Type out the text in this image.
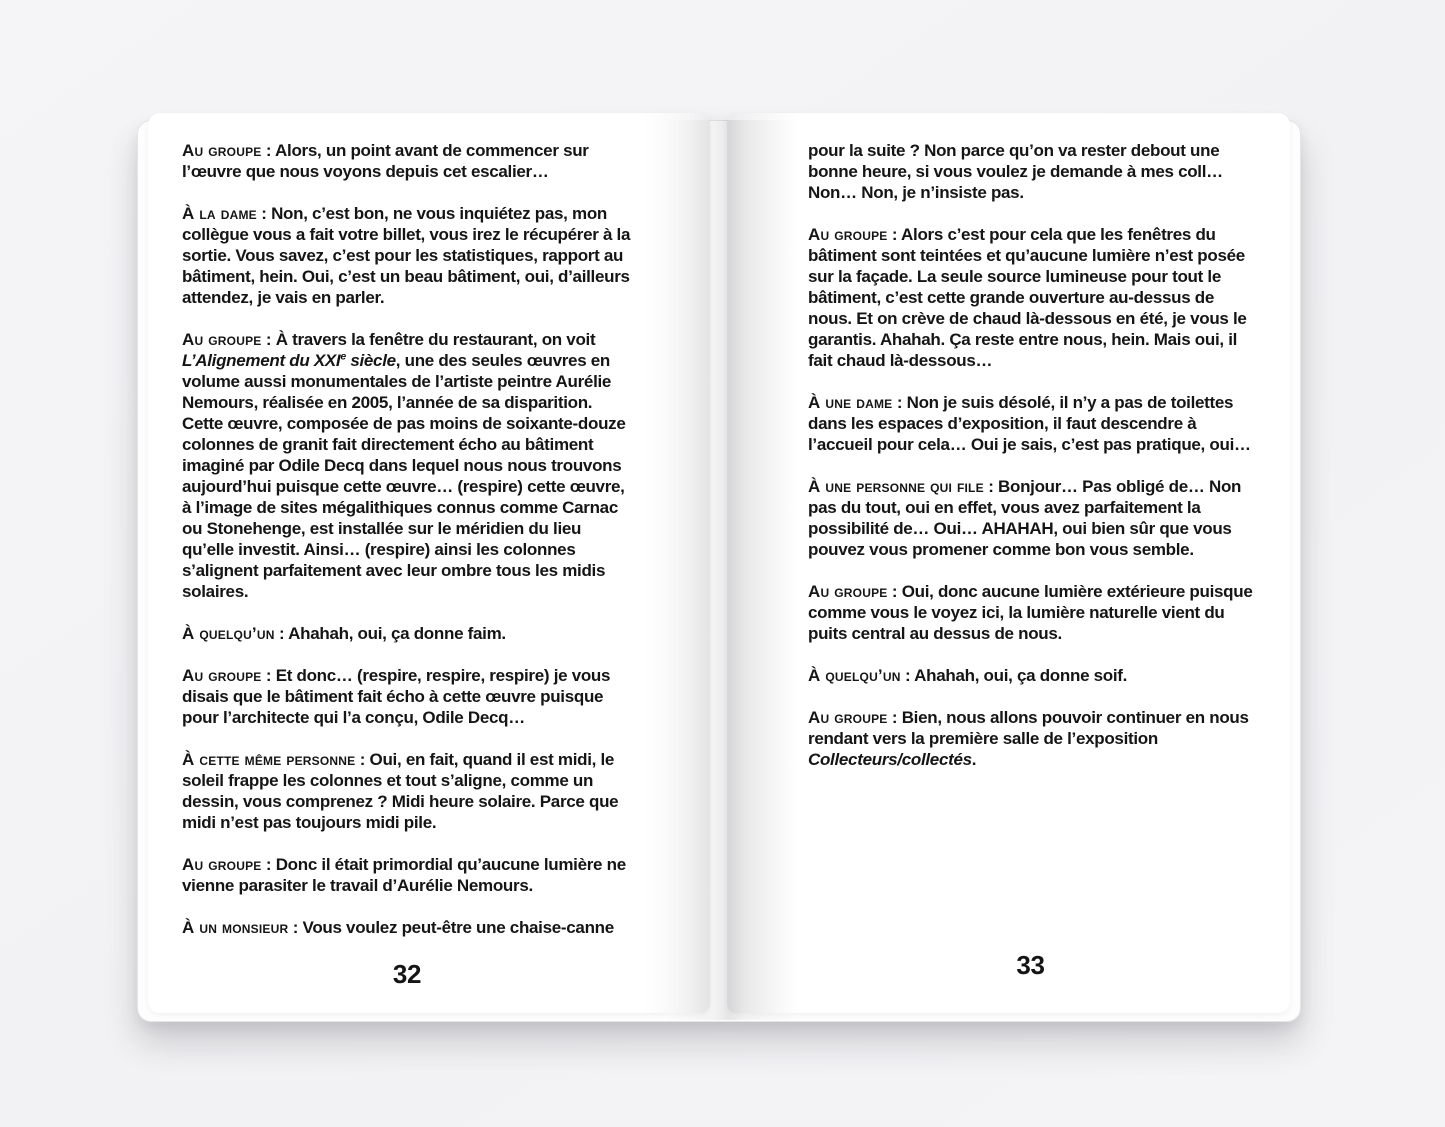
Au groupe : Alors, un point avant de commencer sur l’œuvre que nous voyons depuis cet escalier…

À la dame : Non, c’est bon, ne vous inquiétez pas, mon collègue vous a fait votre billet, vous irez le récupérer à la sortie. Vous savez, c’est pour les statistiques, rapport au bâtiment, hein. Oui, c’est un beau bâtiment, oui, d’ailleurs attendez, je vais en parler.

Au groupe : À travers la fenêtre du restaurant, on voit L’Alignement du XXIe siècle, une des seules œuvres en volume aussi monumentales de l’artiste peintre Aurélie Nemours, réalisée en 2005, l’année de sa disparition. Cette œuvre, composée de pas moins de soixante-douze colonnes de granit fait directement écho au bâtiment imaginé par Odile Decq dans lequel nous nous trouvons aujourd’hui puisque cette œuvre… (respire) cette œuvre, à l’image de sites mégalithiques connus comme Carnac ou Stonehenge, est installée sur le méridien du lieu qu’elle investit. Ainsi… (respire) ainsi les colonnes s’alignent parfaitement avec leur ombre tous les midis solaires.

À quelqu’un : Ahahah, oui, ça donne faim.

Au groupe : Et donc… (respire, respire, respire) je vous disais que le bâtiment fait écho à cette œuvre puisque pour l’architecte qui l’a conçu, Odile Decq…

À cette même personne : Oui, en fait, quand il est midi, le soleil frappe les colonnes et tout s’aligne, comme un dessin, vous comprenez ? Midi heure solaire. Parce que midi n’est pas toujours midi pile.

Au groupe : Donc il était primordial qu’aucune lumière ne vienne parasiter le travail d’Aurélie Nemours.

À un monsieur : Vous voulez peut-être une chaise-canne

32

pour la suite ? Non parce qu’on va rester debout une bonne heure, si vous voulez je demande à mes coll… Non… Non, je n’insiste pas.

Au groupe : Alors c’est pour cela que les fenêtres du bâtiment sont teintées et qu’aucune lumière n’est posée sur la façade. La seule source lumineuse pour tout le bâtiment, c’est cette grande ouverture au-dessus de nous. Et on crève de chaud là-dessous en été, je vous le garantis. Ahahah. Ça reste entre nous, hein. Mais oui, il fait chaud là-dessous…

À une dame : Non je suis désolé, il n’y a pas de toilettes dans les espaces d’exposition, il faut descendre à l’accueil pour cela… Oui je sais, c’est pas pratique, oui…

À une personne qui file : Bonjour… Pas obligé de… Non pas du tout, oui en effet, vous avez parfaitement la possibilité de… Oui… AHAHAH, oui bien sûr que vous pouvez vous promener comme bon vous semble.

Au groupe : Oui, donc aucune lumière extérieure puisque comme vous le voyez ici, la lumière naturelle vient du puits central au dessus de nous.

À quelqu’un : Ahahah, oui, ça donne soif.

Au groupe : Bien, nous allons pouvoir continuer en nous rendant vers la première salle de l’exposition Collecteurs/collectés.

33
